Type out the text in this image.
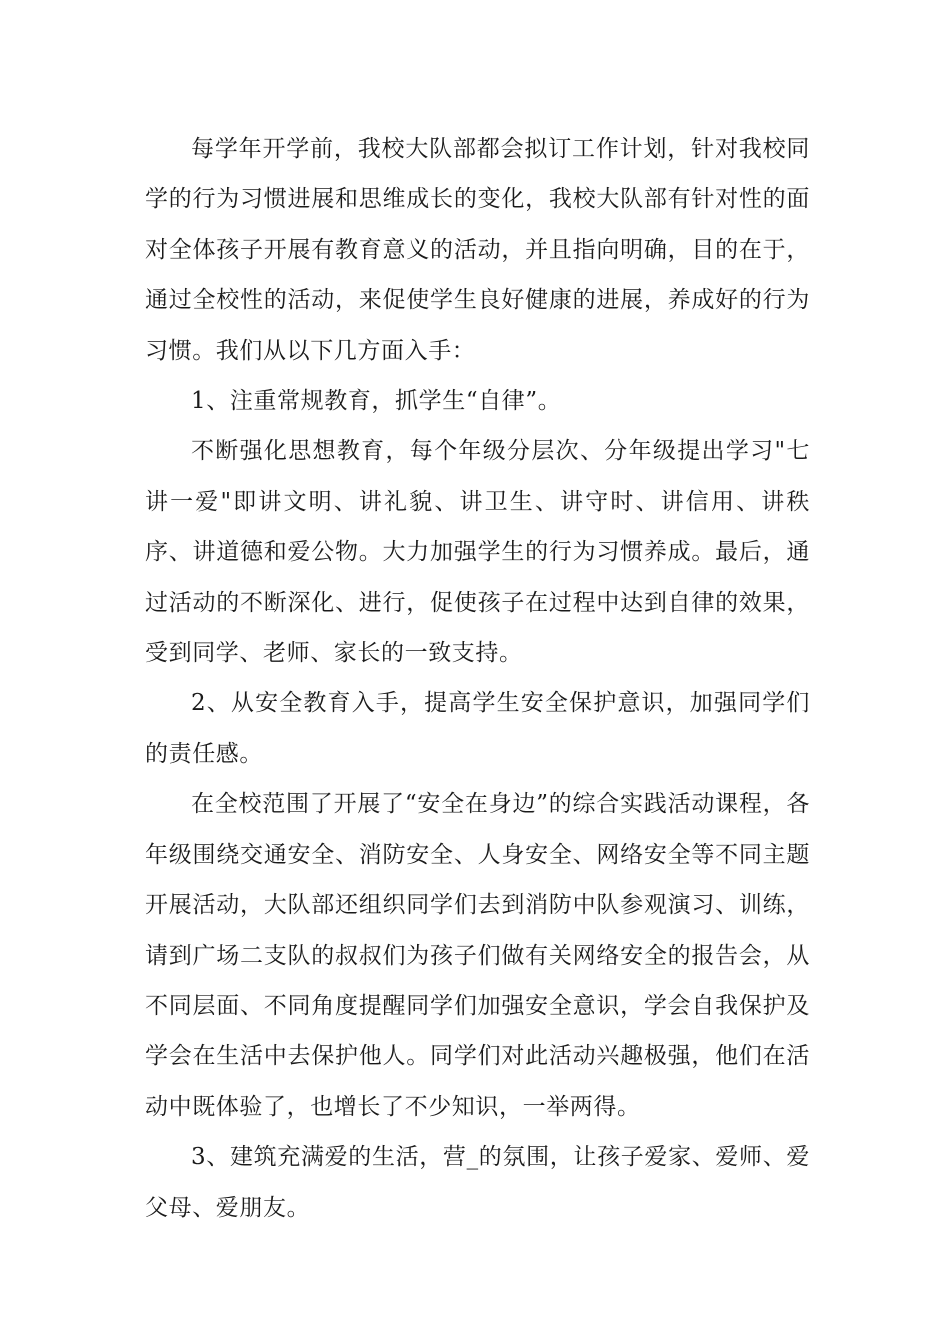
每学年开学前，我校大队部都会拟订工作计划，针对我校同学的行为习惯进展和思维成长的变化，我校大队部有针对性的面对全体孩子开展有教育意义的活动，并且指向明确，目的在于，通过全校性的活动，来促使学生良好健康的进展，养成好的行为习惯。我们从以下几方面入手：

1、注重常规教育，抓学生“自律”。

不断强化思想教育，每个年级分层次、分年级提出学习"七讲一爱"即讲文明、讲礼貌、讲卫生、讲守时、讲信用、讲秩序、讲道德和爱公物。大力加强学生的行为习惯养成。最后，通过活动的不断深化、进行，促使孩子在过程中达到自律的效果，受到同学、老师、家长的一致支持。

2、从安全教育入手，提高学生安全保护意识，加强同学们的责任感。

在全校范围了开展了“安全在身边”的综合实践活动课程，各年级围绕交通安全、消防安全、人身安全、网络安全等不同主题开展活动，大队部还组织同学们去到消防中队参观演习、训练，请到广场二支队的叔叔们为孩子们做有关网络安全的报告会，从不同层面、不同角度提醒同学们加强安全意识，学会自我保护及学会在生活中去保护他人。同学们对此活动兴趣极强，他们在活动中既体验了，也增长了不少知识，一举两得。

3、建筑充满爱的生活，营_的氛围，让孩子爱家、爱师、爱父母、爱朋友。
